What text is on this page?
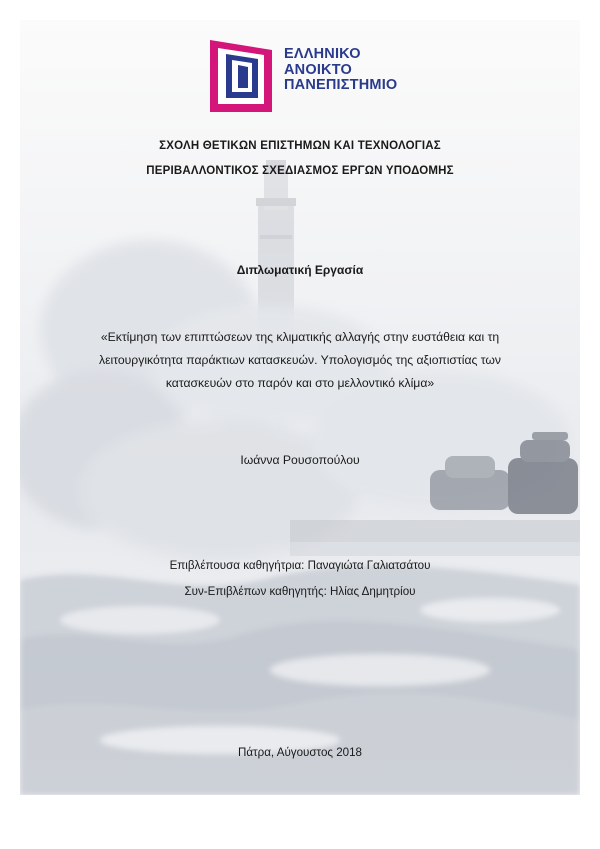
ΕΛΛΗΝΙΚΟ
ΑΝΟΙΚΤΟ
ΠΑΝΕΠΙΣΤΗΜΙΟ
ΣΧΟΛΗ ΘΕΤΙΚΩΝ ΕΠΙΣΤΗΜΩΝ ΚΑΙ ΤΕΧΝΟΛΟΓΙΑΣ
ΠΕΡΙΒΑΛΛΟΝΤΙΚΟΣ ΣΧΕΔΙΑΣΜΟΣ ΕΡΓΩΝ ΥΠΟΔΟΜΗΣ
Διπλωματική Εργασία
«Εκτίμηση των επιπτώσεων της κλιματικής αλλαγής στην ευστάθεια και τη
λειτουργικότητα παράκτιων κατασκευών. Υπολογισμός της αξιοπιστίας των
κατασκευών στο παρόν και στο μελλοντικό κλίμα»
Ιωάννα Ρουσοπούλου
Επιβλέπουσα καθηγήτρια: Παναγιώτα Γαλιατσάτου
Συν-Επιβλέπων καθηγητής: Ηλίας Δημητρίου
Πάτρα, Αύγουστος 2018
